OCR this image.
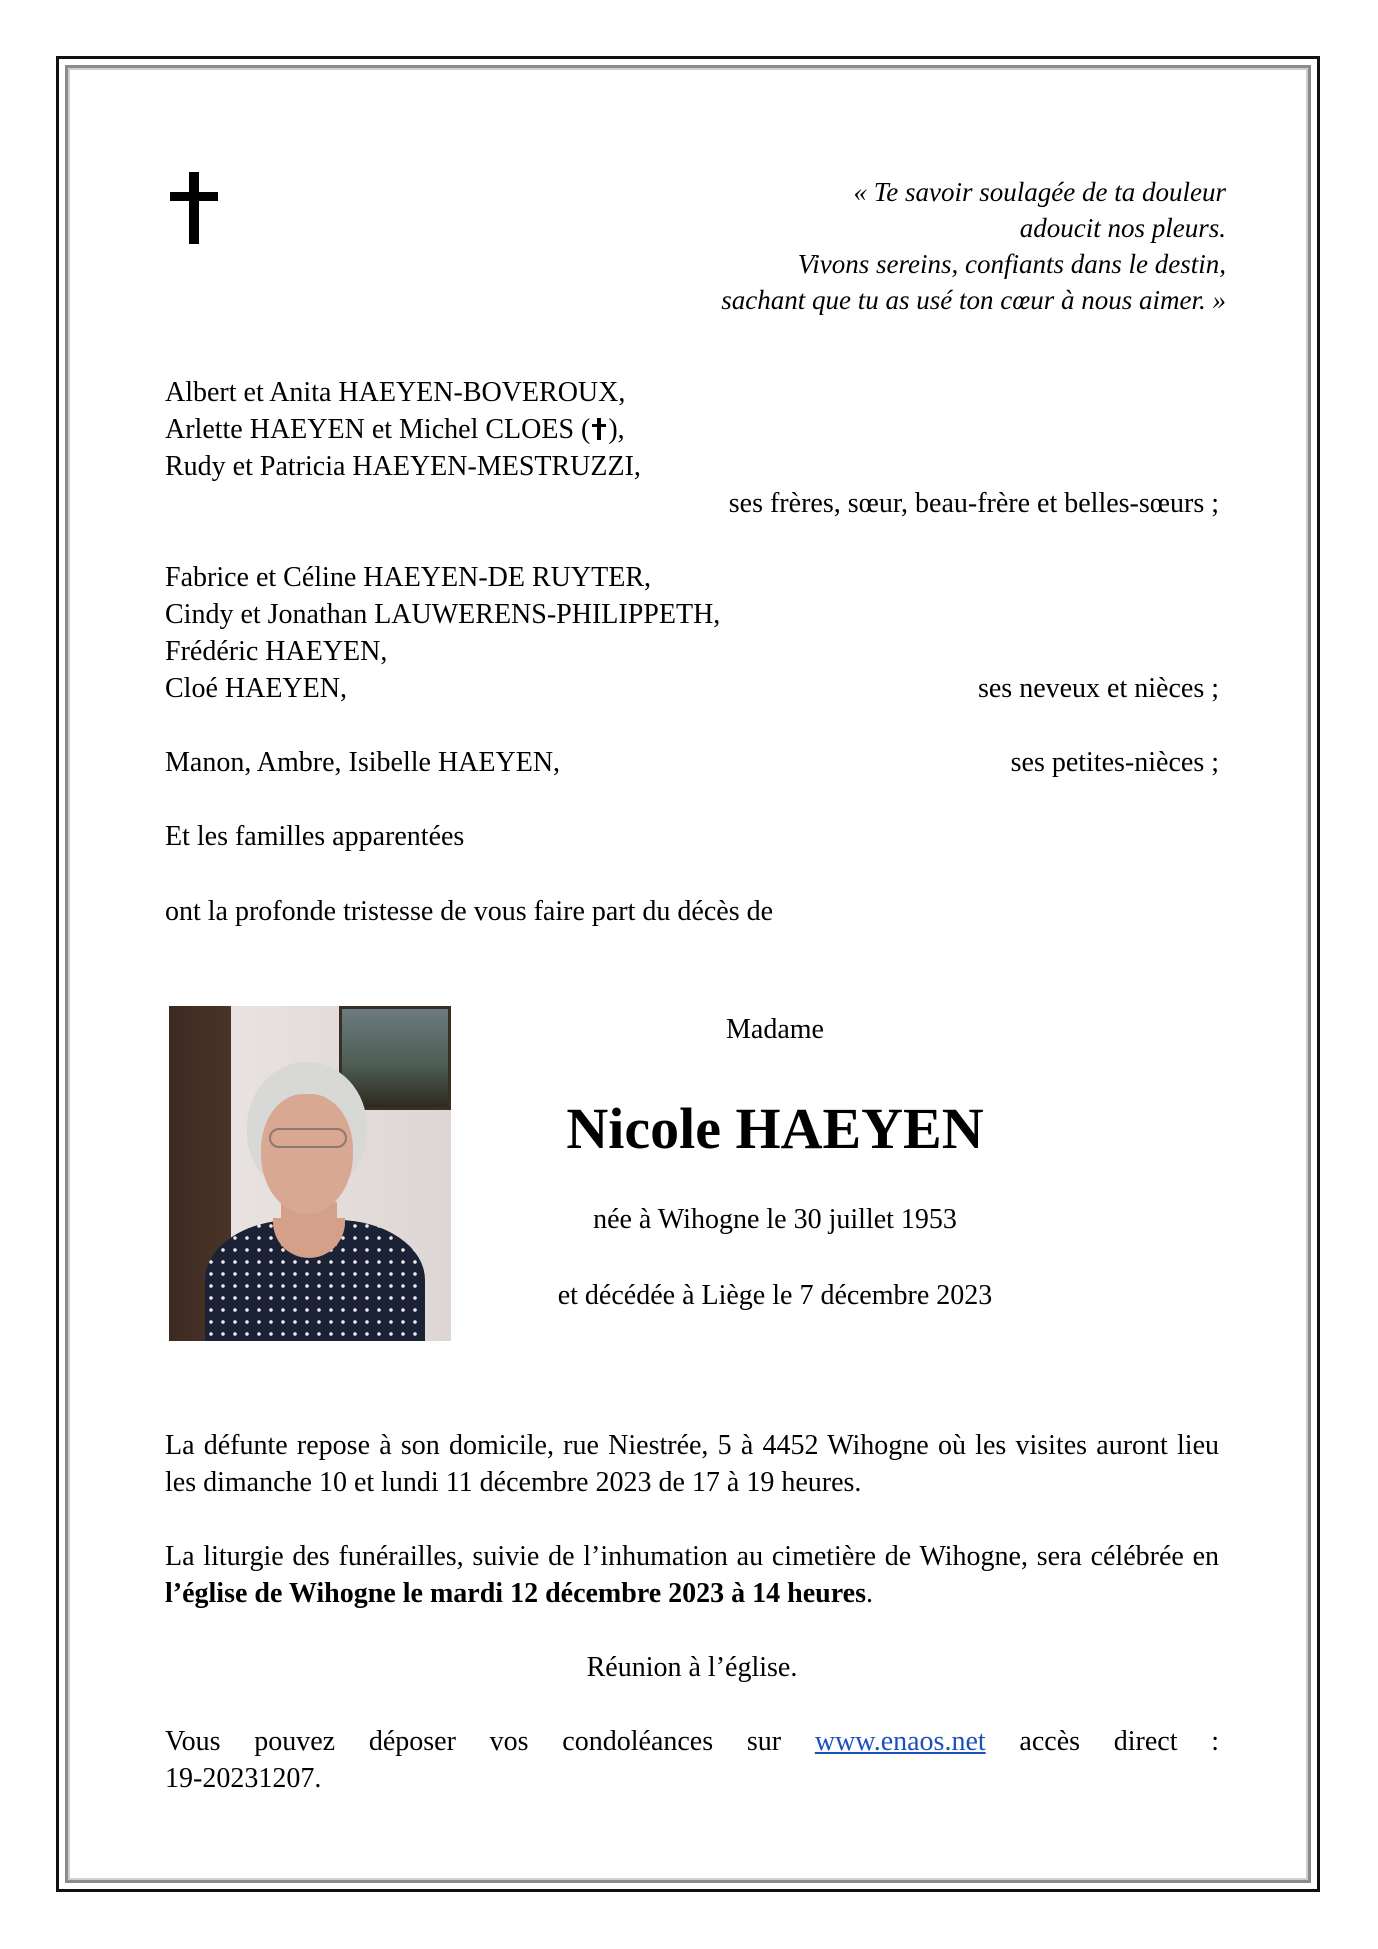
« Te savoir soulagée de ta douleur
adoucit nos pleurs.
Vivons sereins, confiants dans le destin,
sachant que tu as usé ton cœur à nous aimer. »
Albert et Anita HAEYEN-BOVEROUX,
Arlette HAEYEN et Michel CLOES ( ),
Rudy et Patricia HAEYEN-MESTRUZZI,
ses frères, sœur, beau-frère et belles-sœurs ;
Fabrice et Céline HAEYEN-DE RUYTER,
Cindy et Jonathan LAUWERENS-PHILIPPETH,
Frédéric HAEYEN,
Cloé HAEYEN,	ses neveux et nièces ;
Manon, Ambre, Isibelle HAEYEN,	ses petites-nièces ;
Et les familles apparentées
ont la profonde tristesse de vous faire part du décès de
Madame
Nicole HAEYEN
née à Wihogne le 30 juillet 1953
et décédée à Liège le 7 décembre 2023

La défunte repose à son domicile, rue Niestrée, 5 à 4452 Wihogne où les visites auront lieu les dimanche 10 et lundi 11 décembre 2023 de 17 à 19 heures.

La liturgie des funérailles, suivie de l’inhumation au cimetière de Wihogne, sera célébrée en l’église de Wihogne le mardi 12 décembre 2023 à 14 heures.

Réunion à l’église.

Vous pouvez déposer vos condoléances sur www.enaos.net accès direct :
19-20231207.
